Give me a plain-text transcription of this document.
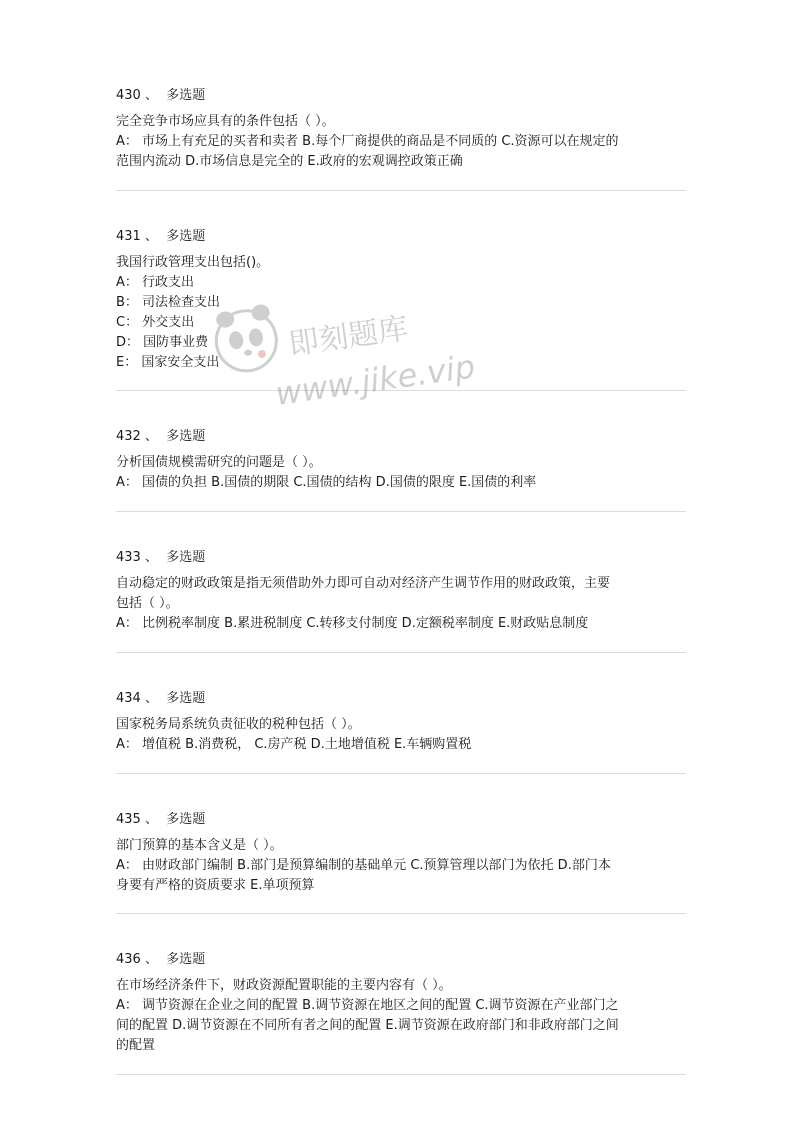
430 、 多选题

完全竞争市场应具有的条件包括（ ）。

A： 市场上有充足的买者和卖者 B.每个厂商提供的商品是不同质的 C.资源可以在规定的

范围内流动 D.市场信息是完全的 E.政府的宏观调控政策正确

431 、 多选题

我国行政管理支出包括()。

A： 行政支出

B： 司法检查支出

C： 外交支出

D： 国防事业费

E： 国家安全支出

432 、 多选题

分析国债规模需研究的问题是（ ）。

A： 国债的负担 B.国债的期限 C.国债的结构 D.国债的限度 E.国债的利率

433 、 多选题

自动稳定的财政政策是指无须借助外力即可自动对经济产生调节作用的财政政策，主要

包括（ ）。

A： 比例税率制度 B.累进税制度 C.转移支付制度 D.定额税率制度 E.财政贴息制度

434 、 多选题

国家税务局系统负责征收的税种包括（ ）。

A： 增值税 B.消费税， C.房产税 D.土地增值税 E.车辆购置税

435 、 多选题

部门预算的基本含义是（ ）。

A： 由财政部门编制 B.部门是预算编制的基础单元 C.预算管理以部门为依托 D.部门本

身要有严格的资质要求 E.单项预算

436 、 多选题

在市场经济条件下，财政资源配置职能的主要内容有（ ）。

A： 调节资源在企业之间的配置 B.调节资源在地区之间的配置 C.调节资源在产业部门之

间的配置 D.调节资源在不同所有者之间的配置 E.调节资源在政府部门和非政府部门之间

的配置

即刻题库
www.jike.vip
